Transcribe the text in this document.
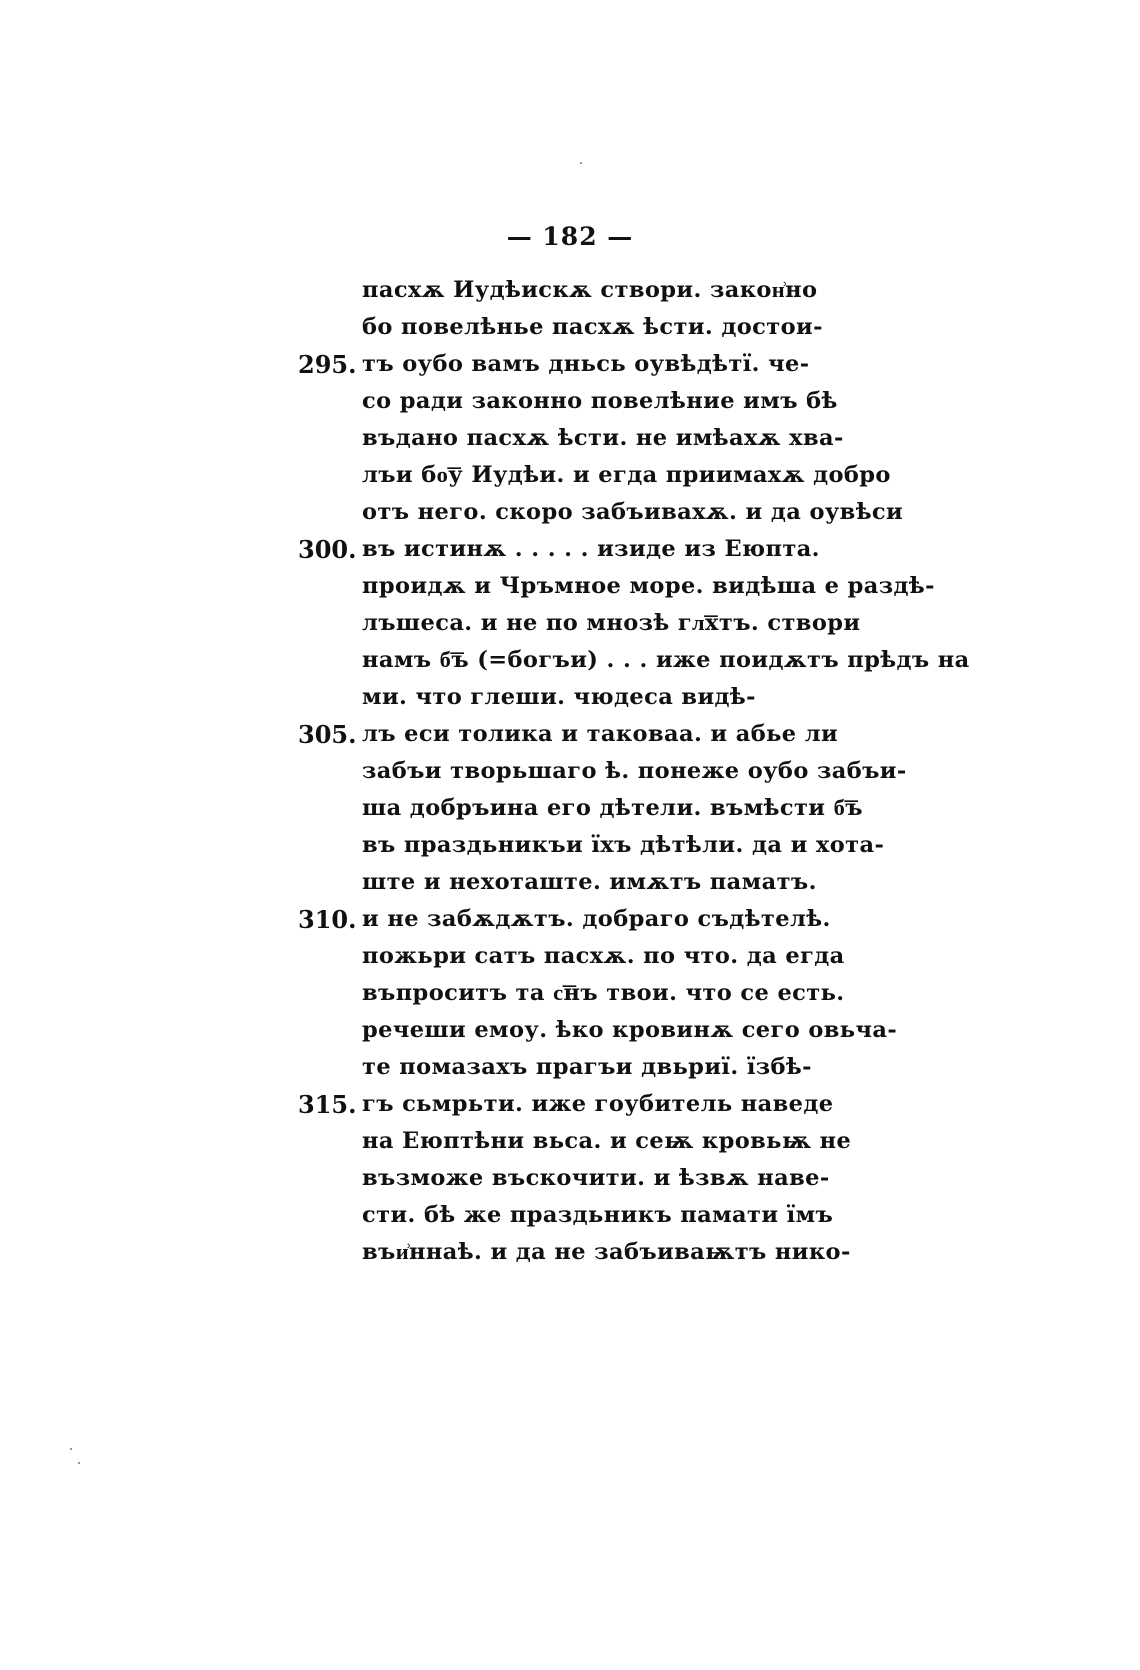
— 182 —
пасхѫ Иудѣискѫ створи. закон͗но
бо повелѣнье пасхѫ ѣсти. достои-
295. тъ оубо вамъ дньсь оувѣдѣтї. че-
со ради законно повелѣние имъ бѣ
въдано пасхѫ ѣсти. не имѣахѫ хва-
лъи бо͞у Иудѣи. и егда приимахѫ добро
отъ него. скоро забъивахѫ. и да оувѣси
300. въ истинѫ . . . . . изиде из Еюпта.
проидѫ и Чръмное море. видѣша е раздѣ-
лъшеса. и не по мнозѣ гл͞хтъ. створи
намъ б͞ъ (=богъи) . . . иже поидѫтъ прѣдъ на
ми. что глеши. чюдеса видѣ-
305. лъ еси толика и таковаа. и абье ли
забъи творьшаго ѣ. понеже оубо забъи-
ша добръина его дѣтели. въмѣсти б͞ъ
въ праздьникъи їхъ дѣтѣли. да и хота-
ште и нехоташте. имѫтъ паматъ.
310. и не забѫдѫтъ. добраго съдѣтелѣ.
пожьри сатъ пасхѫ. по что. да егда
въпроситъ та с͞нъ твои. что се есть.
речеши емоу. ѣко кровинѫ сего овьча-
те помазахъ прагъи двьриї. їзбѣ-
315. гъ сьмрьти. иже гоубитель наведе
на Еюптѣни вьса. и сеѭ кровьѭ не
възможе въскочити. и ѣзвѫ наве-
сти. бѣ же праздьникъ памати їмъ
въи͗ннаѣ. и да не забъиваѭтъ нико-
